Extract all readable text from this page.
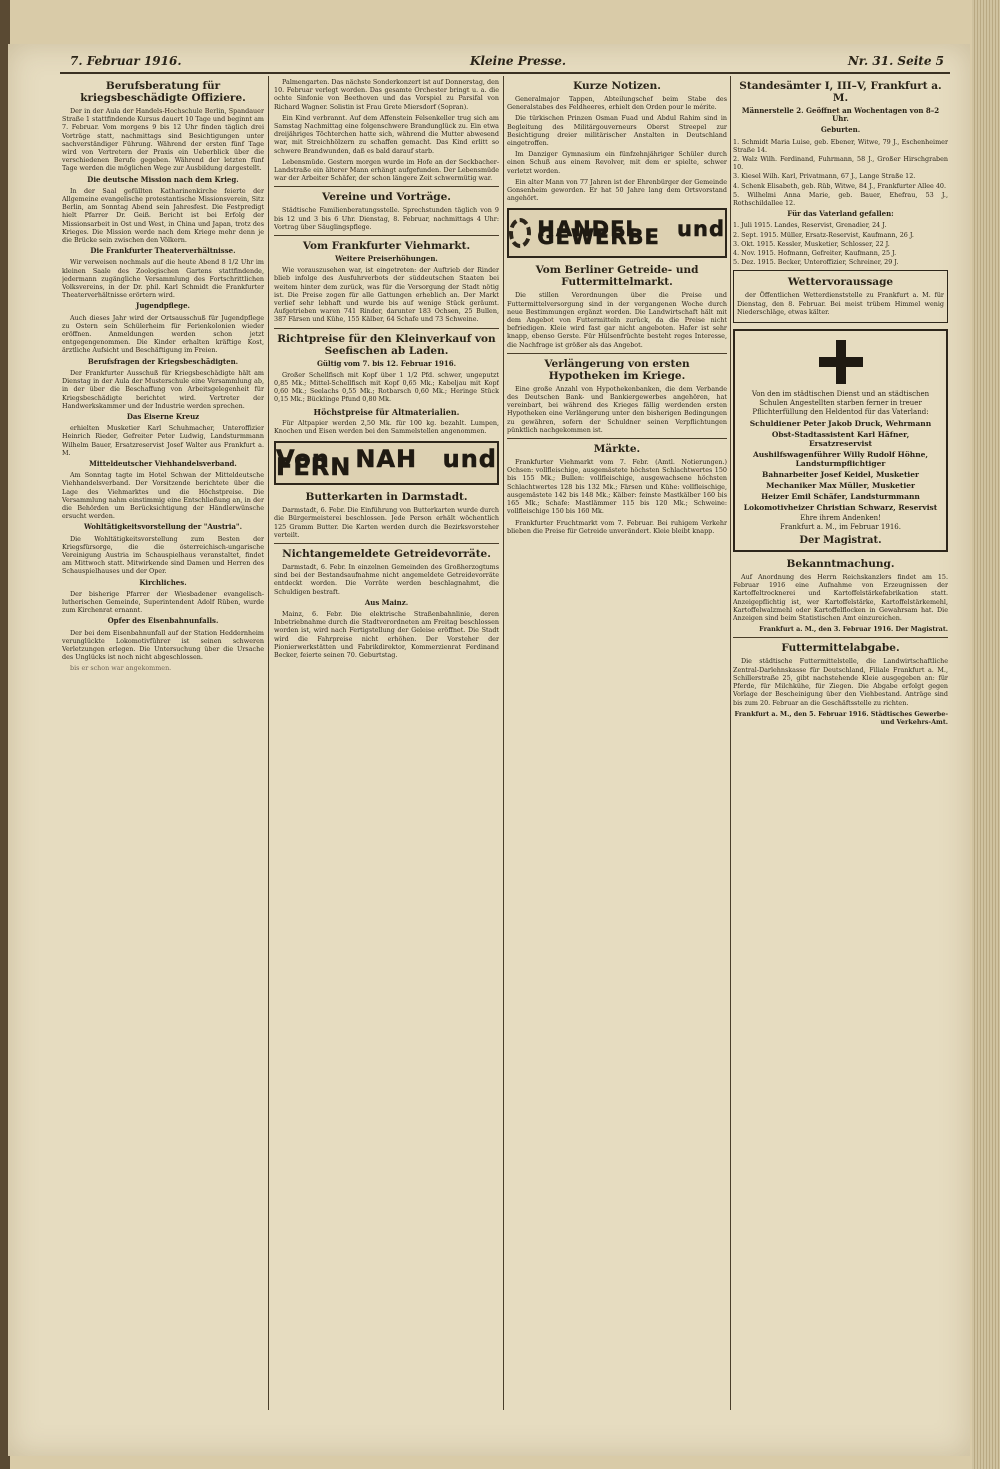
7. Februar 1916.	Kleine Presse.	Nr. 31. Seite 5
Berufsberatung für kriegsbeschädigte Offiziere.

Der in der Aula der Handels-Hochschule Berlin, Spandauer Straße 1 stattfindende Kursus dauert 10 Tage und beginnt am 7. Februar. Vom morgens 9 bis 12 Uhr finden täglich drei Vorträge statt, nachmittags sind Besichtigungen unter sachverständiger Führung. Während der ersten fünf Tage wird von Vertretern der Praxis ein Ueberblick über die verschiedenen Berufe gegeben. Während der letzten fünf Tage werden die möglichen Wege zur Ausbildung dargestellt.

Die deutsche Mission nach dem Krieg.

In der Saal gefüllten Katharinenkirche feierte der Allgemeine evangelische protestantische Missionsverein, Sitz Berlin, am Sonntag Abend sein Jahresfest. Die Festpredigt hielt Pfarrer Dr. Geiß. Bericht ist bei Erfolg der Missionsarbeit in Ost und West, in China und Japan, trotz des Krieges. Die Mission werde nach dem Kriege mehr denn je die Brücke sein zwischen den Völkern.

Die Frankfurter Theaterverhältnisse.

Wir verweisen nochmals auf die heute Abend 8 1/2 Uhr im kleinen Saale des Zoologischen Gartens stattfindende, jedermann zugängliche Versammlung des Fortschrittlichen Volksvereins, in der Dr. phil. Karl Schmidt die Frankfurter Theaterverhältnisse erörtern wird.

Jugendpflege.

Auch dieses Jahr wird der Ortsausschuß für Jugendpflege zu Ostern sein Schülerheim für Ferienkolonien wieder eröffnen. Anmeldungen werden schon jetzt entgegengenommen. Die Kinder erhalten kräftige Kost, ärztliche Aufsicht und Beschäftigung im Freien.

Berufsfragen der Kriegsbeschädigten.

Der Frankfurter Ausschuß für Kriegsbeschädigte hält am Dienstag in der Aula der Musterschule eine Versammlung ab, in der über die Beschaffung von Arbeitsgelegenheit für Kriegsbeschädigte berichtet wird. Vertreter der Handwerkskammer und der Industrie werden sprechen.

Das Eiserne Kreuz

erhielten Musketier Karl Schuhmacher, Unteroffizier Heinrich Rieder, Gefreiter Peter Ludwig, Landsturmmann Wilhelm Bauer, Ersatzreservist Josef Walter aus Frankfurt a. M.

Mitteldeutscher Viehhandelsverband.

Am Sonntag tagte im Hotel Schwan der Mitteldeutsche Viehhandelsverband. Der Vorsitzende berichtete über die Lage des Viehmarktes und die Höchstpreise. Die Versammlung nahm einstimmig eine Entschließung an, in der die Behörden um Berücksichtigung der Händlerwünsche ersucht werden.

Wohltätigkeitsvorstellung der "Austria".

Die Wohltätigkeitsvorstellung zum Besten der Kriegsfürsorge, die die österreichisch-ungarische Vereinigung Austria im Schauspielhaus veranstaltet, findet am Mittwoch statt. Mitwirkende sind Damen und Herren des Schauspielhauses und der Oper.

Kirchliches.

Der bisherige Pfarrer der Wiesbadener evangelisch-lutherischen Gemeinde, Superintendent Adolf Rüben, wurde zum Kirchenrat ernannt.

Opfer des Eisenbahnunfalls.

Der bei dem Eisenbahnunfall auf der Station Heddernheim verunglückte Lokomotivführer ist seinen schweren Verletzungen erlegen. Die Untersuchung über die Ursache des Unglücks ist noch nicht abgeschlossen.

bis er schon war angekommen.

Palmengarten. Das nächste Sonderkonzert ist auf Donnerstag, den 10. Februar verlegt worden. Das gesamte Orchester bringt u. a. die ochte Sinfonie von Beethoven und das Vorspiel zu Parsifal von Richard Wagner. Solistin ist Frau Grete Miersdorf (Sopran).

Ein Kind verbrannt. Auf dem Affenstein Felsenkeller trug sich am Samstag Nachmittag eine folgenschwere Brandunglück zu. Ein etwa dreijähriges Töchterchen hatte sich, während die Mutter abwesend war, mit Streichhölzern zu schaffen gemacht. Das Kind erlitt so schwere Brandwunden, daß es bald darauf starb.

Lebensmüde. Gestern morgen wurde im Hofe an der Seckbacher-Landstraße ein älterer Mann erhängt aufgefunden. Der Lebensmüde war der Arbeiter Schäfer, der schon längere Zeit schwermütig war.

Vereine und Vorträge.

Städtische Familienberatungsstelle. Sprechstunden täglich von 9 bis 12 und 3 bis 6 Uhr. Dienstag, 8. Februar, nachmittags 4 Uhr: Vortrag über Säuglingspflege.

Vom Frankfurter Viehmarkt.
Weitere Preiserhöhungen.

Wie vorauszusehen war, ist eingetreten: der Auftrieb der Rinder blieb infolge des Ausfuhrverbots der süddeutschen Staaten bei weitem hinter dem zurück, was für die Versorgung der Stadt nötig ist. Die Preise zogen für alle Gattungen erheblich an. Der Markt verlief sehr lebhaft und wurde bis auf wenige Stück geräumt. Aufgetrieben waren 741 Rinder, darunter 183 Ochsen, 25 Bullen, 387 Färsen und Kühe, 155 Kälber, 64 Schafe und 73 Schweine.

Richtpreise für den Kleinverkauf von Seefischen ab Laden.
Gültig vom 7. bis 12. Februar 1916.

Großer Schellfisch mit Kopf über 1 1/2 Pfd. schwer, ungeputzt 0,85 Mk.; Mittel-Schellfisch mit Kopf 0,65 Mk.; Kabeljau mit Kopf 0,60 Mk.; Seelachs 0,55 Mk.; Rotbarsch 0,60 Mk.; Heringe Stück 0,15 Mk.; Bücklinge Pfund 0,80 Mk.

Höchstpreise für Altmaterialien.

Für Altpapier werden 2,50 Mk. für 100 kg. bezahlt. Lumpen, Knochen und Eisen werden bei den Sammelstellen angenommen.

Von NAH und FERN
Butterkarten in Darmstadt.

Darmstadt, 6. Febr. Die Einführung von Butterkarten wurde durch die Bürgermeisterei beschlossen. Jede Person erhält wöchentlich 125 Gramm Butter. Die Karten werden durch die Bezirksvorsteher verteilt.

Nichtangemeldete Getreidevorräte.

Darmstadt, 6. Febr. In einzelnen Gemeinden des Großherzogtums sind bei der Bestandsaufnahme nicht angemeldete Getreidevorräte entdeckt worden. Die Vorräte werden beschlagnahmt, die Schuldigen bestraft.

Aus Mainz.

Mainz, 6. Febr. Die elektrische Straßenbahnlinie, deren Inbetriebnahme durch die Stadtverordneten am Freitag beschlossen worden ist, wird nach Fertigstellung der Geleise eröffnet. Die Stadt wird die Fahrpreise nicht erhöhen. Der Vorsteher der Pionierwerkstätten und Fabrikdirektor, Kommerzienrat Ferdinand Becker, feierte seinen 70. Geburtstag.

Kurze Notizen.

Generalmajor Tappen, Abteilungschef beim Stabe des Generalstabes des Feldheeres, erhielt den Orden pour le mérite.

Die türkischen Prinzen Osman Fuad und Abdul Rahim sind in Begleitung des Militärgouverneurs Oberst Streepel zur Besichtigung dreier militärischer Anstalten in Deutschland eingetroffen.

Im Danziger Gymnasium ein fünfzehnjähriger Schüler durch einen Schuß aus einem Revolver, mit dem er spielte, schwer verletzt worden.

Ein alter Mann von 77 Jahren ist der Ehrenbürger der Gemeinde Gonsenheim geworden. Er hat 50 Jahre lang dem Ortsvorstand angehört.

HANDEL und GEWERBE
Vom Berliner Getreide- und Futtermittelmarkt.

Die stillen Verordnungen über die Preise und Futtermittelversorgung sind in der vergangenen Woche durch neue Bestimmungen ergänzt worden. Die Landwirtschaft hält mit dem Angebot von Futtermitteln zurück, da die Preise nicht befriedigen. Kleie wird fast gar nicht angeboten. Hafer ist sehr knapp, ebenso Gerste. Für Hülsenfrüchte besteht reges Interesse, die Nachfrage ist größer als das Angebot.

Verlängerung von ersten Hypotheken im Kriege.

Eine große Anzahl von Hypothekenbanken, die dem Verbande des Deutschen Bank- und Bankiergewerbes angehören, hat vereinbart, bei während des Krieges fällig werdenden ersten Hypotheken eine Verlängerung unter den bisherigen Bedingungen zu gewähren, sofern der Schuldner seinen Verpflichtungen pünktlich nachgekommen ist.

Märkte.

Frankfurter Viehmarkt vom 7. Febr. (Amtl. Notierungen.) Ochsen: vollfleischige, ausgemästete höchsten Schlachtwertes 150 bis 155 Mk.; Bullen: vollfleischige, ausgewachsene höchsten Schlachtwertes 128 bis 132 Mk.; Färsen und Kühe: vollfleischige, ausgemästete 142 bis 148 Mk.; Kälber: feinste Mastkälber 160 bis 165 Mk.; Schafe: Mastlämmer 115 bis 120 Mk.; Schweine: vollfleischige 150 bis 160 Mk.

Frankfurter Fruchtmarkt vom 7. Februar. Bei ruhigem Verkehr blieben die Preise für Getreide unverändert. Kleie bleibt knapp.

Standesämter I, III–V, Frankfurt a. M.
Männerstelle 2. Geöffnet an Wochentagen von 8–2 Uhr.
Geburten.
1. Schmidt Maria Luise, geb. Ebener, Witwe, 79 J., Eschenheimer Straße 14.
2. Walz Wilh. Ferdinand, Fuhrmann, 58 J., Großer Hirschgraben 10.
3. Kiesel Wilh. Karl, Privatmann, 67 J., Lange Straße 12.
4. Schenk Elisabeth, geb. Rüb, Witwe, 84 J., Frankfurter Allee 40.
5. Wilhelmi Anna Marie, geb. Bauer, Ehefrau, 53 J., Rothschildallee 12.
Für das Vaterland gefallen:
1. Juli 1915. Landes, Reservist, Grenadier, 24 J.
2. Sept. 1915. Müller, Ersatz-Reservist, Kaufmann, 26 J.
3. Okt. 1915. Kessler, Musketier, Schlosser, 22 J.
4. Nov. 1915. Hofmann, Gefreiter, Kaufmann, 25 J.
5. Dez. 1915. Becker, Unteroffizier, Schreiner, 29 J.
Wettervoraussage

der Öffentlichen Wetterdienststelle zu Frankfurt a. M. für Dienstag, den 8. Februar. Bei meist trübem Himmel wenig Niederschläge, etwas kälter.

Von den im städtischen Dienst und an städtischen Schulen Angestellten starben ferner in treuer Pflichterfüllung den Heldentod für das Vaterland:
Schuldiener Peter Jakob Druck, Wehrmann
Obst-Stadtassistent Karl Häfner, Ersatzreservist
Aushilfswagenführer Willy Rudolf Höhne, Landsturmpflichtiger
Bahnarbeiter Josef Keidel, Musketier
Mechaniker Max Müller, Musketier
Heizer Emil Schäfer, Landsturmmann
Lokomotivheizer Christian Schwarz, Reservist
Ehre ihrem Andenken!
Frankfurt a. M., im Februar 1916.
Der Magistrat.
Bekanntmachung.

Auf Anordnung des Herrn Reichskanzlers findet am 15. Februar 1916 eine Aufnahme von Erzeugnissen der Kartoffeltrocknerei und Kartoffelstärkefabrikation statt. Anzeigepflichtig ist, wer Kartoffelstärke, Kartoffelstärkemehl, Kartoffelwalzmehl oder Kartoffelflocken in Gewahrsam hat. Die Anzeigen sind beim Statistischen Amt einzureichen.

Frankfurt a. M., den 3. Februar 1916. Der Magistrat.
Futtermittelabgabe.

Die städtische Futtermittelstelle, die Landwirtschaftliche Zentral-Darlehnskasse für Deutschland, Filiale Frankfurt a. M., Schillerstraße 25, gibt nachstehende Kleie ausgegeben an: für Pferde, für Milchkühe, für Ziegen. Die Abgabe erfolgt gegen Vorlage der Bescheinigung über den Viehbestand. Anträge sind bis zum 20. Februar an die Geschäftsstelle zu richten.

Frankfurt a. M., den 5. Februar 1916. Städtisches Gewerbe- und Verkehrs-Amt.
